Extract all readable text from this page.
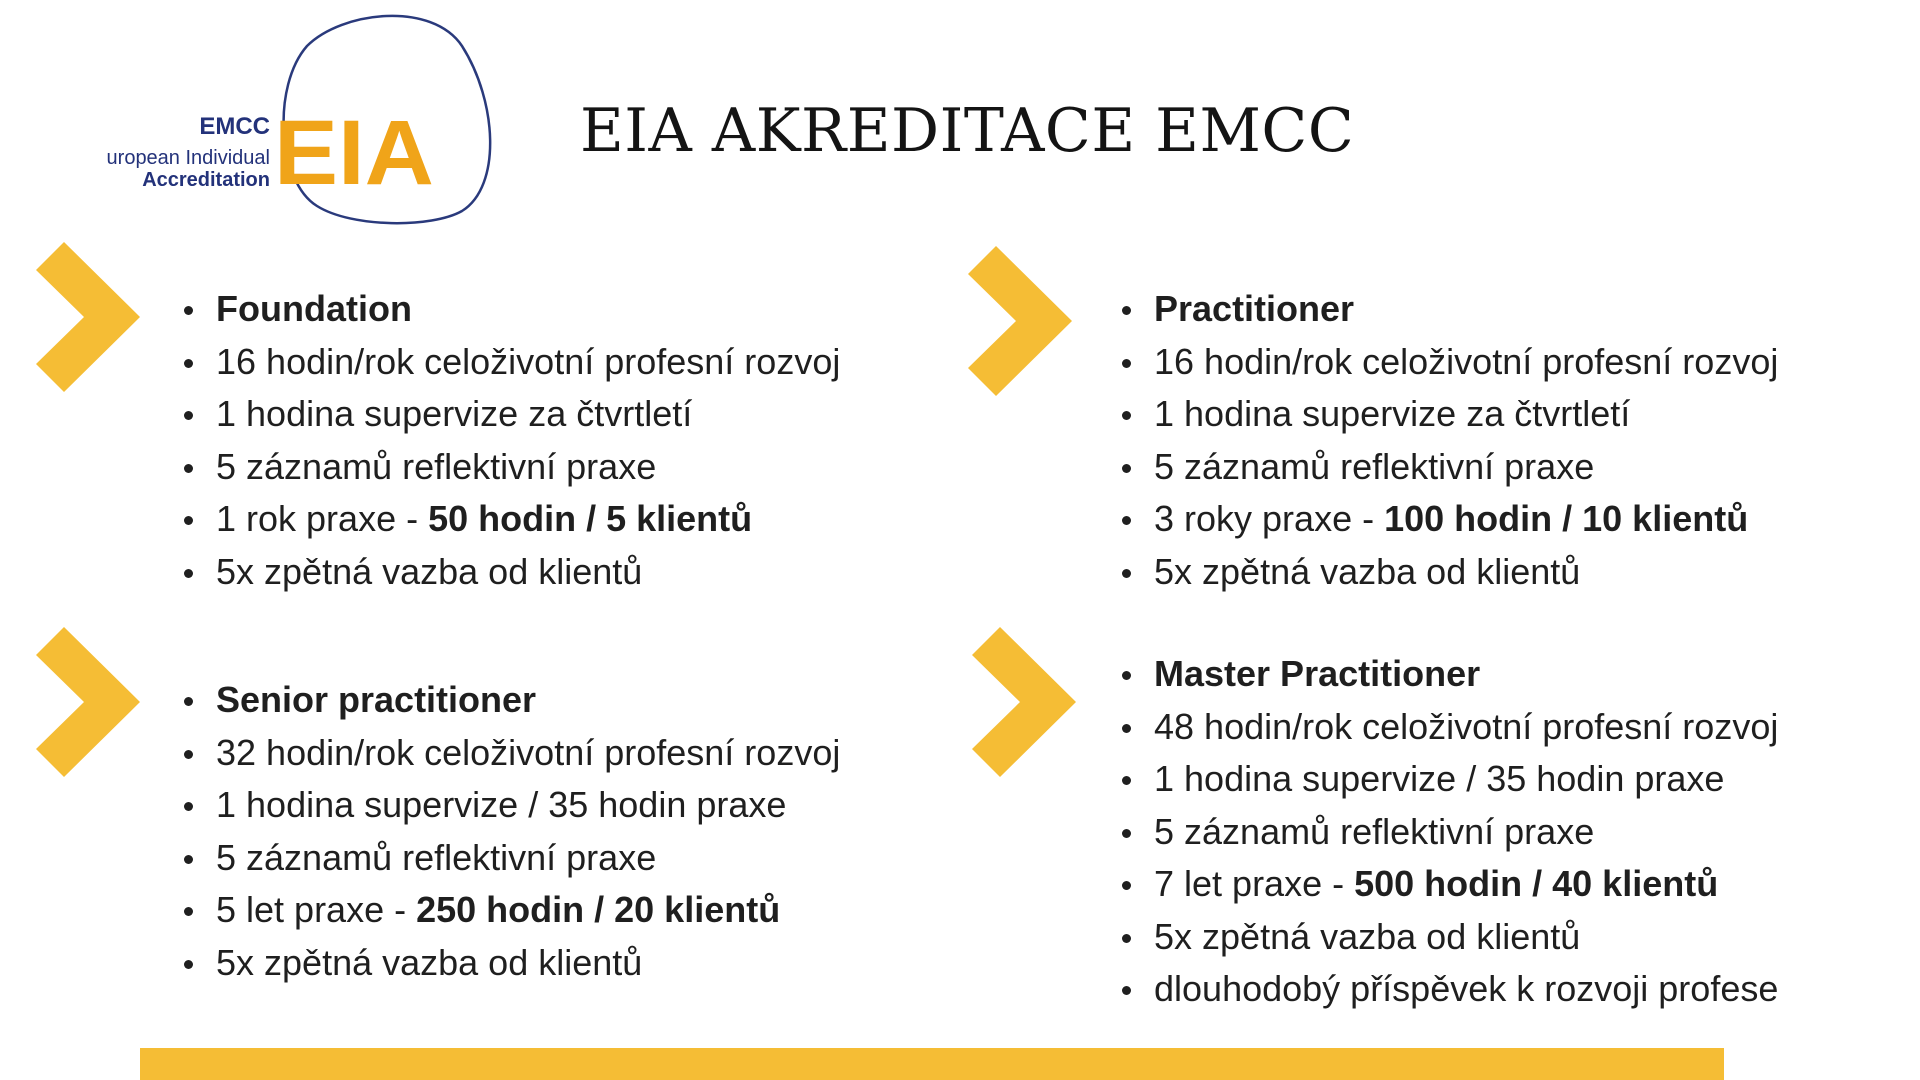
EMCC
uropean Individual
Accreditation EIA EIA AKREDITACE EMCC
Foundation
16 hodin/rok celoživotní profesní rozvoj
1 hodina supervize za čtvrtletí
5 záznamů reflektivní praxe
1 rok praxe - 50 hodin / 5 klientů
5x zpětná vazba od klientů
Practitioner
16 hodin/rok celoživotní profesní rozvoj
1 hodina supervize za čtvrtletí
5 záznamů reflektivní praxe
3 roky praxe - 100 hodin / 10 klientů
5x zpětná vazba od klientů
Senior practitioner
32 hodin/rok celoživotní profesní rozvoj
1 hodina supervize / 35 hodin praxe
5 záznamů reflektivní praxe
5 let praxe - 250 hodin / 20 klientů
5x zpětná vazba od klientů
Master Practitioner
48 hodin/rok celoživotní profesní rozvoj
1 hodina supervize / 35 hodin praxe
5 záznamů reflektivní praxe
7 let praxe - 500 hodin / 40 klientů
5x zpětná vazba od klientů
dlouhodobý příspěvek k rozvoji profese
